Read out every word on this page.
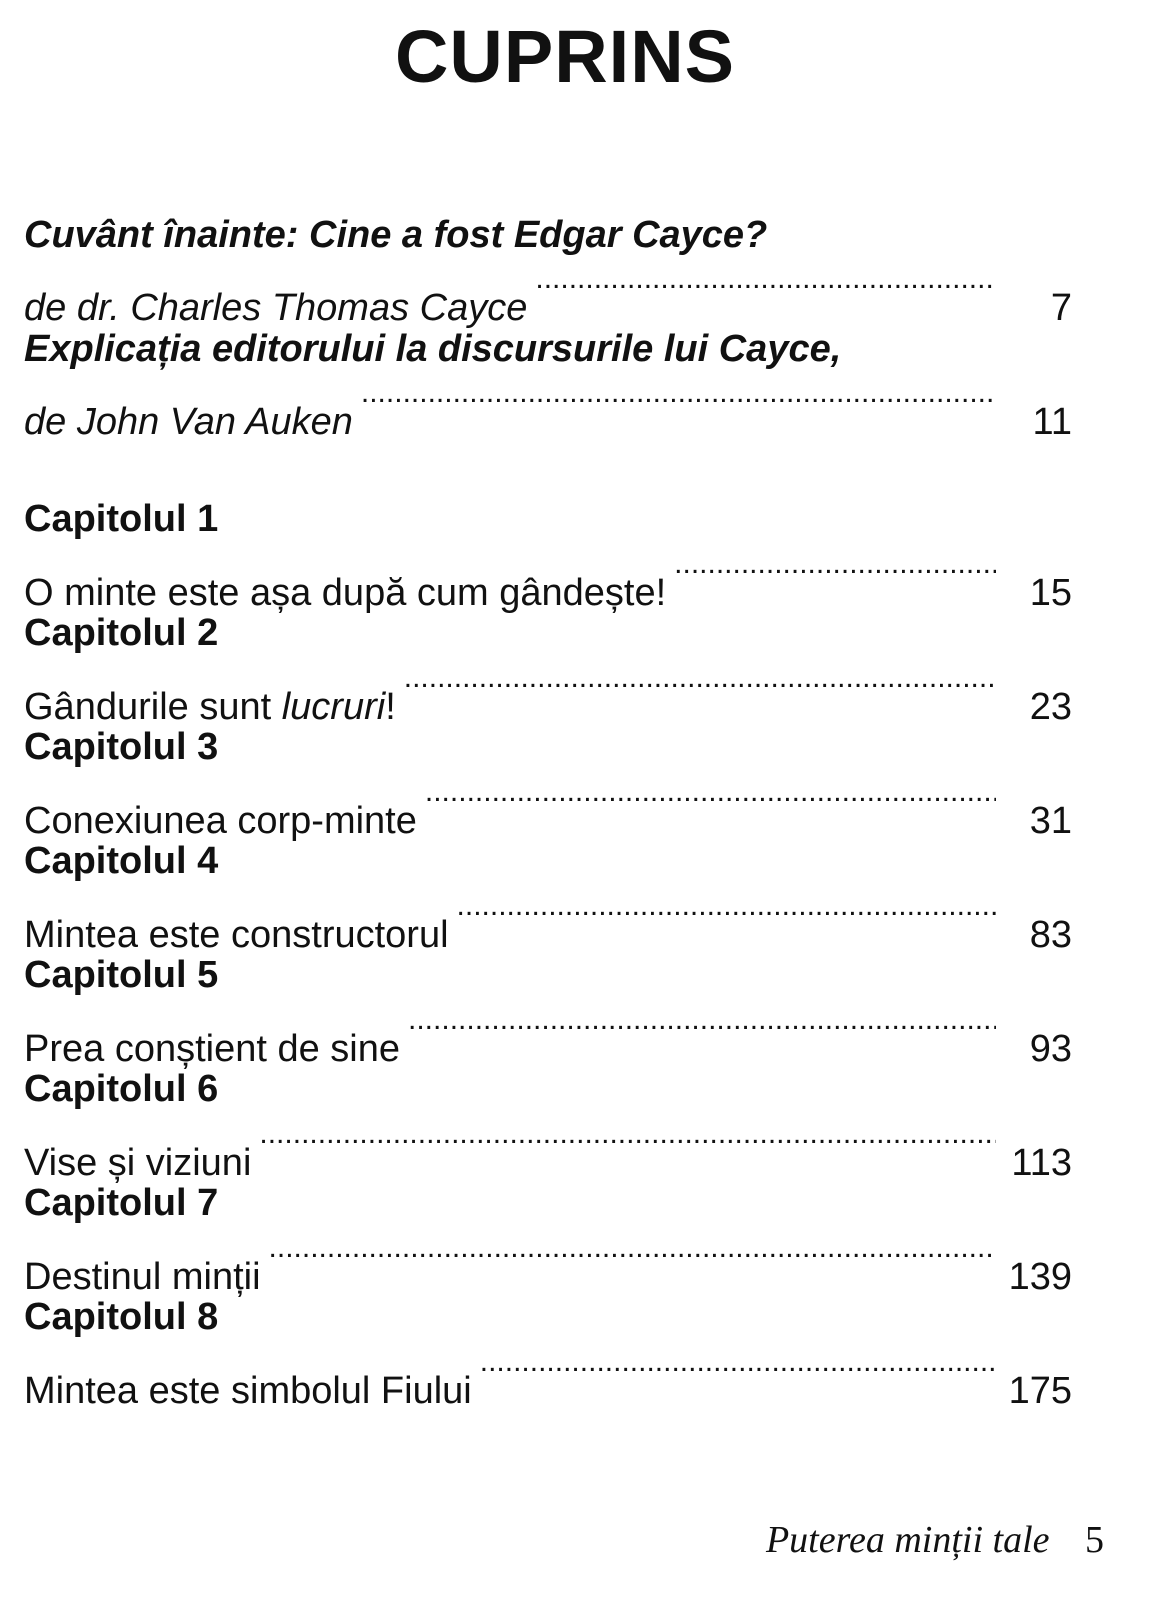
CUPRINS
Cuvânt înainte: Cine a fost Edgar Cayce?
de dr. Charles Thomas Cayce .....	7
Explicația editorului la discursurile lui Cayce,
de John Van Auken .....	11
Capitolul 1
O minte este așa după cum gândește! .....	15
Capitolul 2
Gândurile sunt lucruri! .....	23
Capitolul 3
Conexiunea corp-minte .....	31
Capitolul 4
Mintea este constructorul .....	83
Capitolul 5
Prea conștient de sine .....	93
Capitolul 6
Vise și viziuni .....	113
Capitolul 7
Destinul minții .....	139
Capitolul 8
Mintea este simbolul Fiului .....	175
Puterea minții tale 5
